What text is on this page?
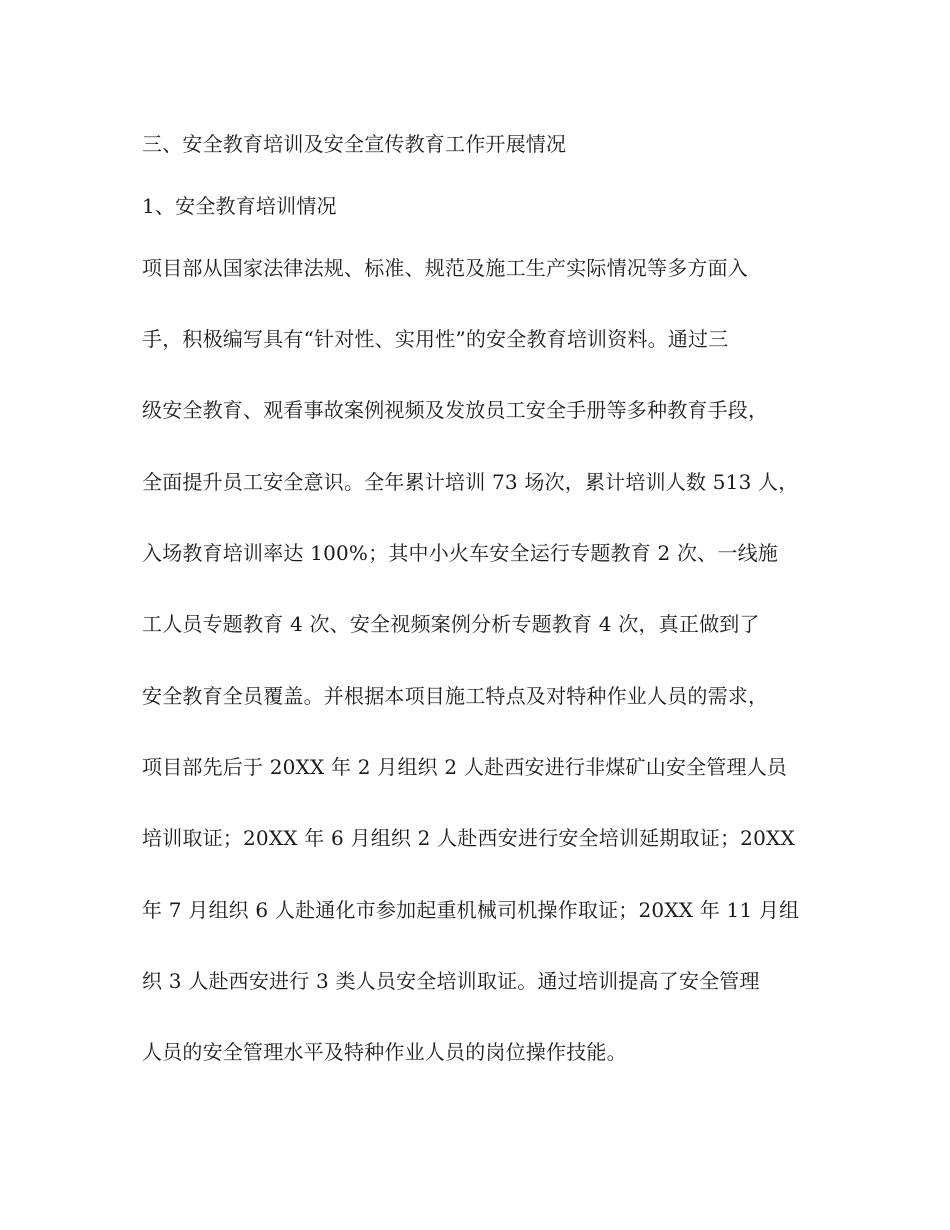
三、安全教育培训及安全宣传教育工作开展情况

1、安全教育培训情况

项目部从国家法律法规、标准、规范及施工生产实际情况等多方面入

手，积极编写具有“针对性、实用性”的安全教育培训资料。通过三

级安全教育、观看事故案例视频及发放员工安全手册等多种教育手段，

全面提升员工安全意识。全年累计培训 73 场次，累计培训人数 513 人，

入场教育培训率达 100%；其中小火车安全运行专题教育 2 次、一线施

工人员专题教育 4 次、安全视频案例分析专题教育 4 次，真正做到了

安全教育全员覆盖。并根据本项目施工特点及对特种作业人员的需求，

项目部先后于 20XX 年 2 月组织 2 人赴西安进行非煤矿山安全管理人员

培训取证；20XX 年 6 月组织 2 人赴西安进行安全培训延期取证；20XX

年 7 月组织 6 人赴通化市参加起重机械司机操作取证；20XX 年 11 月组

织 3 人赴西安进行 3 类人员安全培训取证。通过培训提高了安全管理

人员的安全管理水平及特种作业人员的岗位操作技能。
